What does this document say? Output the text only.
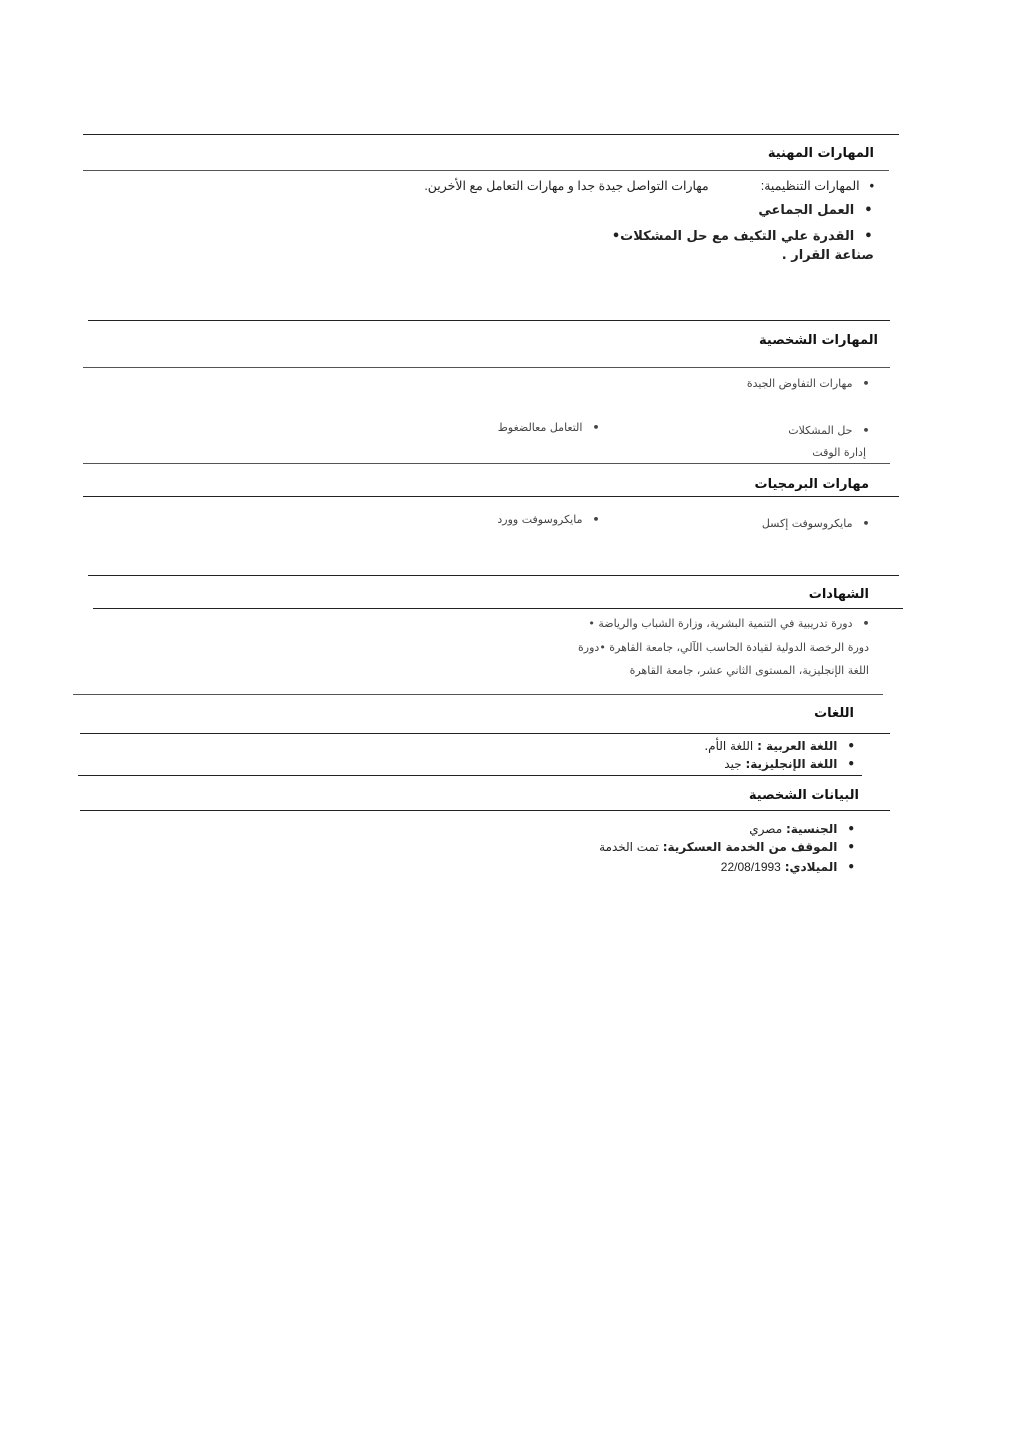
المهارات المهنية
•المهارات التنظيمية:مهارات التواصل جيدة جدا و مهارات التعامل مع الأخرين.
•العمل الجماعي
•القدرة علي التكيف مع حل المشكلات•
صناعة القرار .
المهارات الشخصية
•مهارات التفاوض الجيدة
•حل المشكلات
•التعامل معالضغوط
إدارة الوقت
مهارات البرمجيات
•مايكروسوفت إكسل
•مايكروسوفت وورد
الشهادات
•دورة تدريبية في التنمية البشرية، وزارة الشباب والرياضة •
دورة الرخصة الدولية لقيادة الحاسب الآلي، جامعة القاهرة •دورة
اللغة الإنجليزية، المستوى الثاني عشر، جامعة القاهرة
اللغات
•اللغة العربية : اللغة الأم.
•اللغة الإنجليزية: جيد
البيانات الشخصية
•الجنسية: مصري
•الموقف من الخدمة العسكرية: تمت الخدمة
•الميلادي: 22/08/1993
